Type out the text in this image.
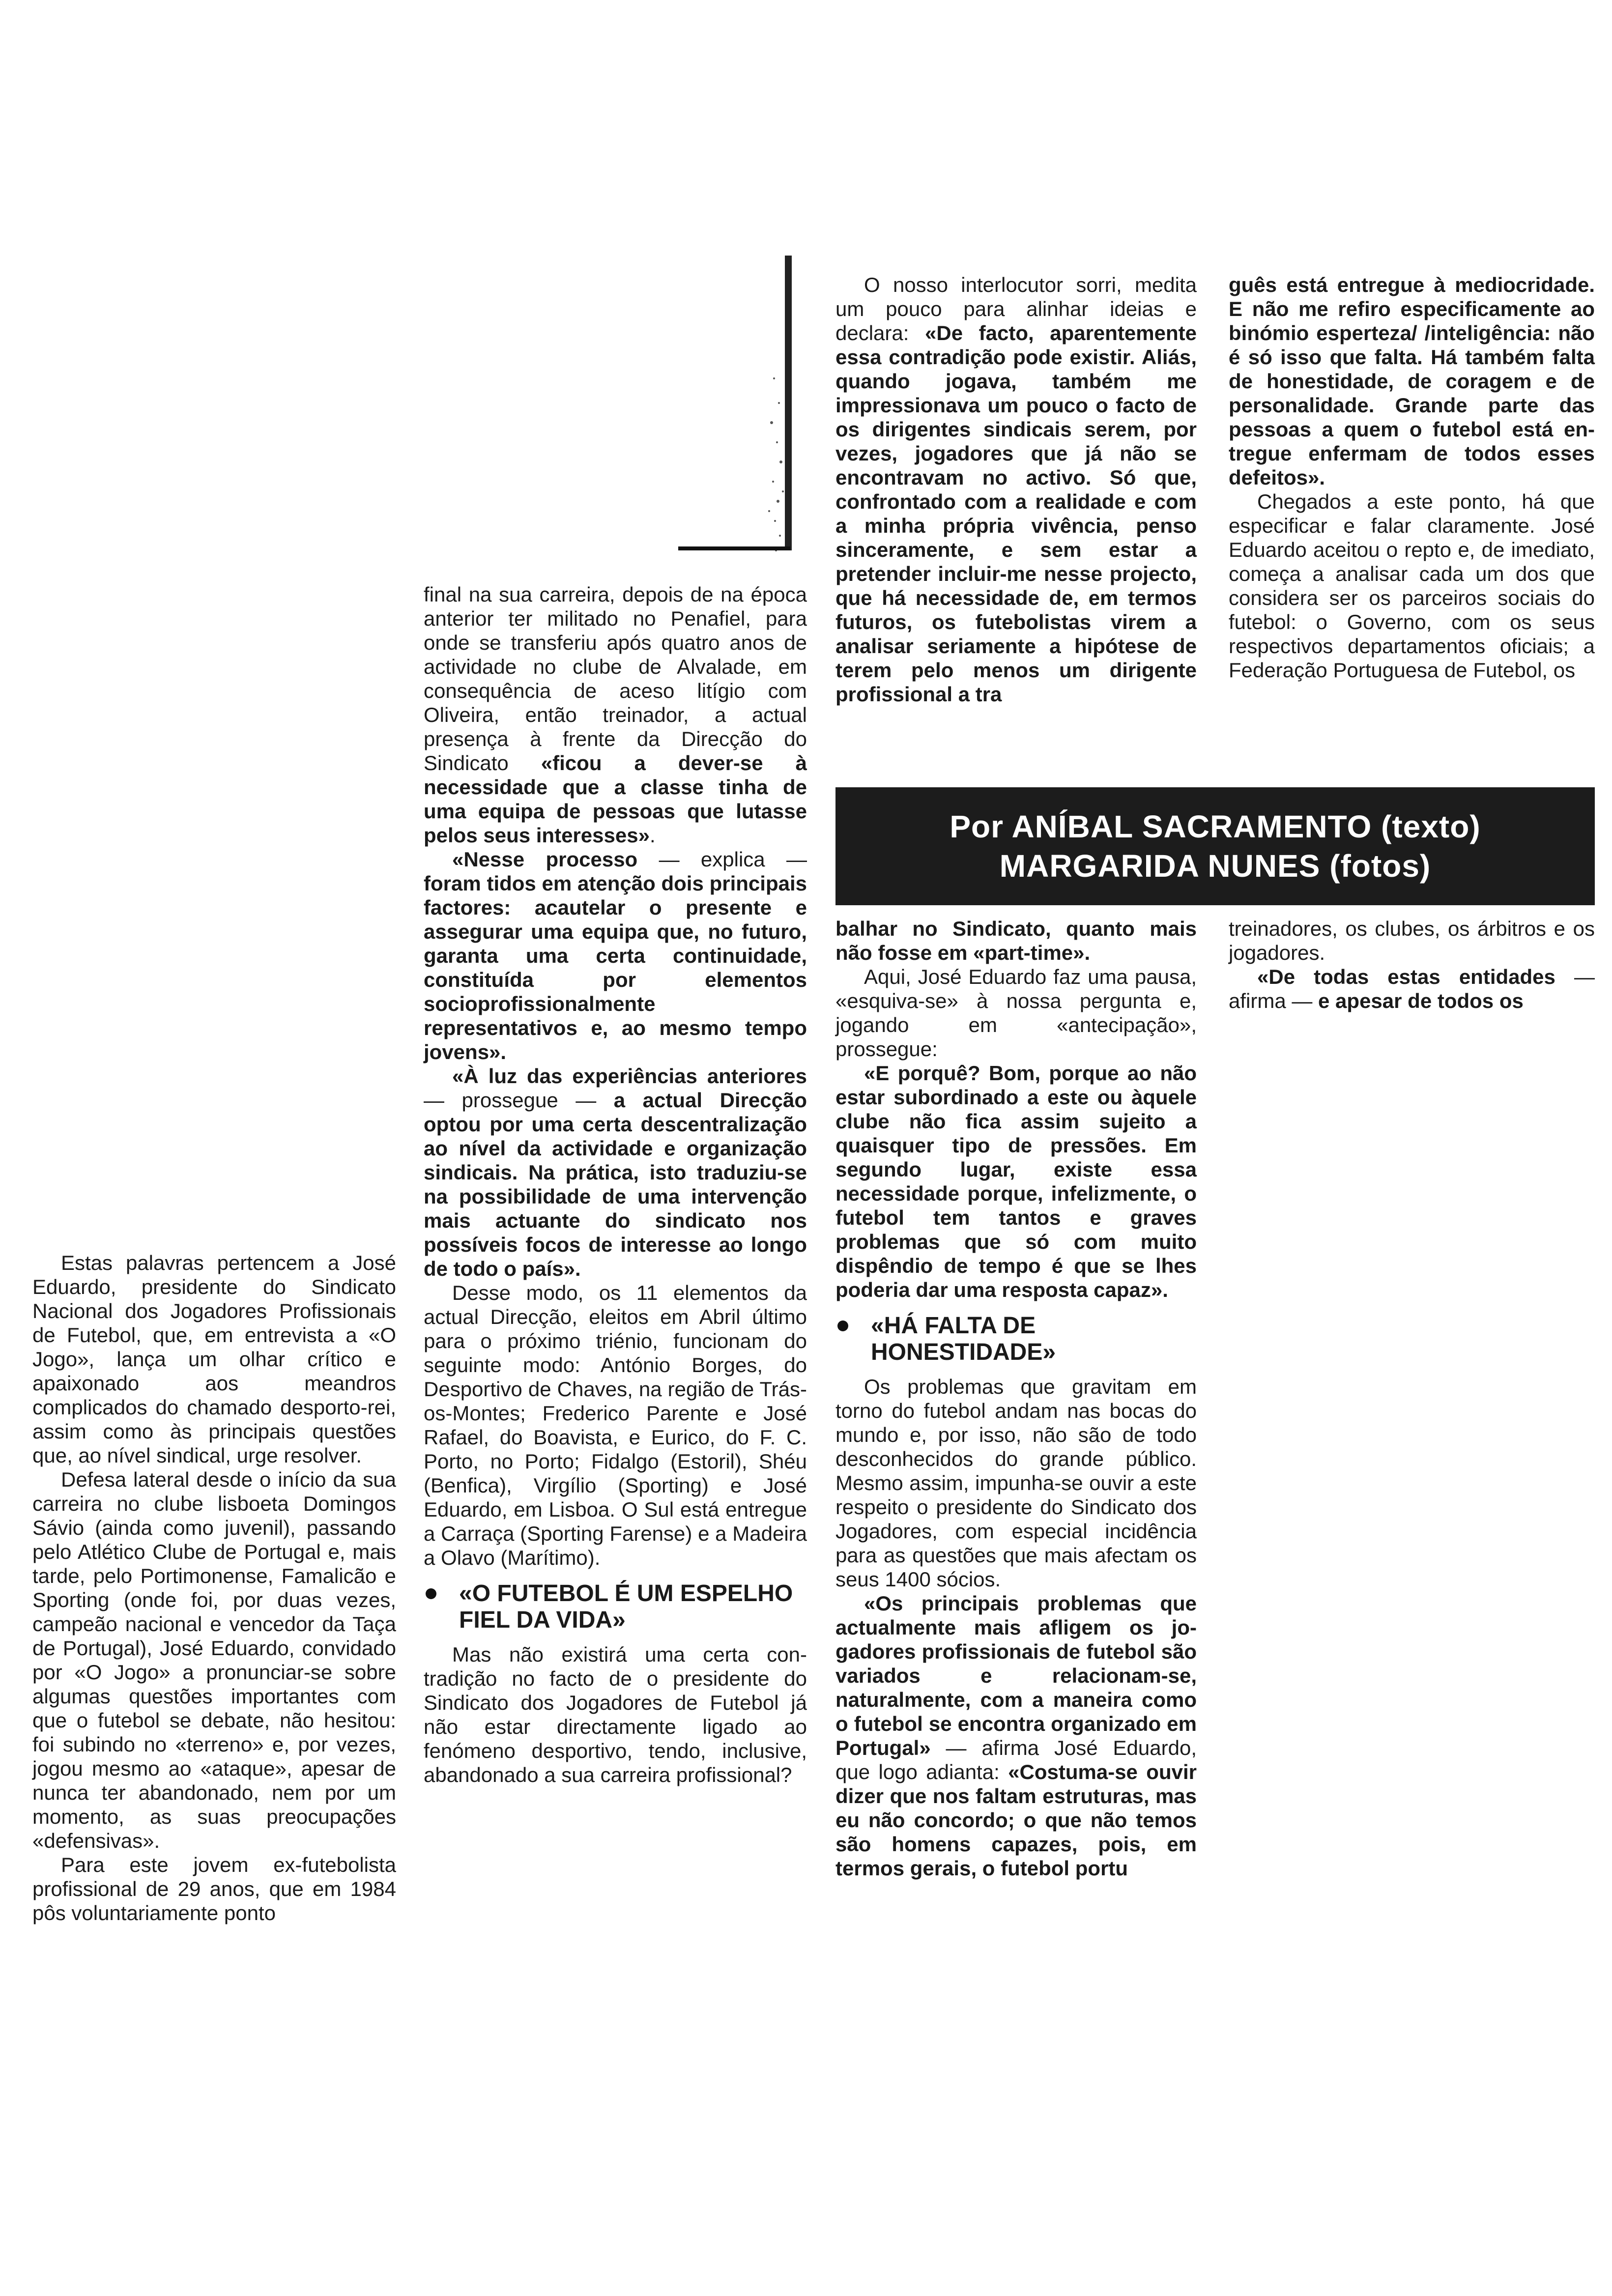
Estas palavras pertencem a José Eduardo, presidente do Sindicato Nacional dos Jogadores Profissionais de Futebol, que, em entrevista a «O Jogo», lança um olhar crítico e apaixonado aos meandros complicados do chamado desporto-rei, assim como às principais questões que, ao nível sindical, urge resolver.

Defesa lateral desde o início da sua carreira no clube lisboeta Domingos Sávio (ainda como juvenil), passando pelo Atlético Clube de Portugal e, mais tarde, pelo Portimonense, Famalicão e Sporting (onde foi, por duas vezes, campeão nacional e vencedor da Taça de Portugal), José Eduardo, convidado por «O Jogo» a pronunciar-se sobre algumas questões importantes com que o futebol se debate, não hesitou: foi subindo no «terreno» e, por vezes, jogou mesmo ao «ataque», apesar de nunca ter abandonado, nem por um momento, as suas preocupações «defensivas».

Para este jovem ex-futebolista profissional de 29 anos, que em 1984 pôs voluntariamente ponto

final na sua carreira, depois de na época anterior ter militado no Penafiel, para onde se transferiu após quatro anos de actividade no clube de Alvalade, em consequência de aceso litígio com Oliveira, então treinador, a actual presença à frente da Direcção do Sindicato «ficou a dever-se à necessidade que a classe tinha de uma equipa de pessoas que lutasse pelos seus interesses».

«Nesse processo — explica — foram tidos em atenção dois principais factores: acautelar o presente e assegurar uma equipa que, no futuro, garanta uma certa continuidade, constituída por elementos socioprofissionalmente representativos e, ao mesmo tempo jovens».

«À luz das experiências anteriores — prossegue — a actual Direcção optou por uma certa descentralização ao nível da actividade e organização sindicais. Na prática, isto traduziu-se na possibilidade de uma intervenção mais actuante do sindicato nos possíveis focos de interesse ao longo de todo o país».

Desse modo, os 11 elementos da actual Direcção, eleitos em Abril último para o próximo triénio, funcionam do seguinte modo: António Borges, do Desportivo de Chaves, na região de Trás-os-Montes; Frederico Parente e José Rafael, do Boavista, e Eurico, do F. C. Porto, no Porto; Fidalgo (Estoril), Shéu (Benfica), Virgílio (Sporting) e José Eduardo, em Lisboa. O Sul está entregue a Carraça (Sporting Farense) e a Madeira a Olavo (Marítimo).

«O FUTEBOL É UM ESPELHO FIEL DA VIDA»

Mas não existirá uma certa contradição no facto de o presidente do Sindicato dos Jogadores de Futebol já não estar directamente ligado ao fenómeno desportivo, tendo, inclusive, abandonado a sua carreira profissional?

O nosso interlocutor sorri, medita um pouco para alinhar ideias e declara: «De facto, aparentemente essa contradição pode existir. Aliás, quando jogava, também me impressionava um pouco o facto de os dirigentes sindicais serem, por vezes, jogadores que já não se encontravam no activo. Só que, confrontado com a realidade e com a minha própria vivência, penso sinceramente, e sem estar a pretender incluir-me nesse projecto, que há necessidade de, em termos futuros, os futebolistas virem a analisar seriamente a hipótese de terem pelo menos um dirigente profissional a tra

balhar no Sindicato, quanto mais não fosse em «part-time».

Aqui, José Eduardo faz uma pausa, «esquiva-se» à nossa pergunta e, jogando em «antecipação», prossegue:

«E porquê? Bom, porque ao não estar subordinado a este ou àquele clube não fica assim sujeito a quaisquer tipo de pressões. Em segundo lugar, existe essa necessidade porque, infelizmente, o futebol tem tantos e graves problemas que só com muito dispêndio de tempo é que se lhes poderia dar uma resposta capaz».

«HÁ FALTA DE HONESTIDADE»

Os problemas que gravitam em torno do futebol andam nas bocas do mundo e, por isso, não são de todo desconhecidos do grande público. Mesmo assim, impunha-se ouvir a este respeito o presidente do Sindicato dos Jogadores, com especial incidência para as questões que mais afectam os seus 1400 sócios.

«Os principais problemas que actualmente mais afligem os jogadores profissionais de futebol são variados e relacionam-se, naturalmente, com a maneira como o futebol se encontra organizado em Portugal» — afirma José Eduardo, que logo adianta: «Costuma-se ouvir dizer que nos faltam estruturas, mas eu não concordo; o que não temos são homens capazes, pois, em termos gerais, o futebol portu

guês está entregue à mediocridade. E não me refiro especificamente ao binómio esperteza/ /inteligência: não é só isso que falta. Há também falta de honestidade, de coragem e de personalidade. Grande parte das pessoas a quem o futebol está entregue enfermam de todos esses defeitos».

Chegados a este ponto, há que especificar e falar claramente. José Eduardo aceitou o repto e, de imediato, começa a analisar cada um dos que considera ser os parceiros sociais do futebol: o Governo, com os seus respectivos departamentos oficiais; a Federação Portuguesa de Futebol, os

treinadores, os clubes, os árbitros e os jogadores.

«De todas estas entidades — afirma — e apesar de todos os

Por ANÍBAL SACRAMENTO (texto)
MARGARIDA NUNES (fotos)
